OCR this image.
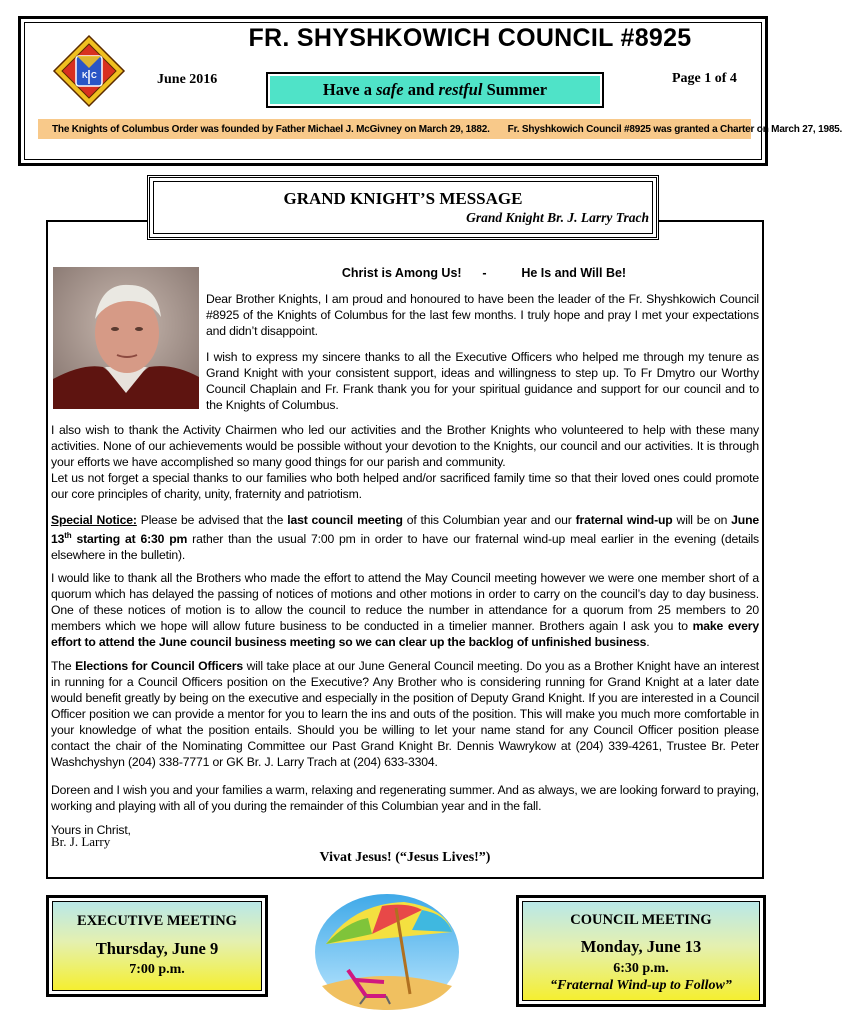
K C
FR. SHYSHKOWICH COUNCIL #8925
June 2016	Page 1 of 4
Have a
safe
and
restful
Summer
The Knights of Columbus Order was founded by Father Michael J. McGivney on March 29, 1882. Fr. Shyshkowich Council #8925 was granted a Charter on March 27, 1985.
GRAND KNIGHT’S MESSAGE
Grand Knight Br. J. Larry Trach
Christ is Among Us! -	He Is and Will Be!
Dear Brother Knights, I am proud and honoured to have been the leader of the Fr. Shyshkowich Council #8925 of the Knights of Columbus for the last few months. I truly hope and pray I met your expectations and didn’t disappoint.
I wish to express my sincere thanks to all the Executive Officers who helped me through my tenure as Grand Knight with your consistent support, ideas and willingness to step up. To Fr Dmytro our Worthy Council Chaplain and Fr. Frank thank you for your spiritual guidance and support for our council and to the Knights of Columbus.
I also wish to thank the Activity Chairmen who led our activities and the Brother Knights who volunteered to help with these many activities. None of our achievements would be possible without your devotion to the Knights, our council and our activities. It is through your efforts we have accomplished so many good things for our parish and community.
Let us not forget a special thanks to our families who both helped and/or sacrificed family time so that their loved ones could promote our core principles of charity, unity, fraternity and patriotism.
Special Notice: Please be advised that the last council meeting of this Columbian year and our fraternal wind-up will be on June 13th starting at 6:30 pm rather than the usual 7:00 pm in order to have our fraternal wind-up meal earlier in the evening (details elsewhere in the bulletin).
I would like to thank all the Brothers who made the effort to attend the May Council meeting however we were one member short of a quorum which has delayed the passing of notices of motions and other motions in order to carry on the council’s day to day business. One of these notices of motion is to allow the council to reduce the number in attendance for a quorum from 25 members to 20 members which we hope will allow future business to be conducted in a timelier manner. Brothers again I ask you to make every effort to attend the June council business meeting so we can clear up the backlog of unfinished business.
The Elections for Council Officers will take place at our June General Council meeting. Do you as a Brother Knight have an interest in running for a Council Officers position on the Executive? Any Brother who is considering running for Grand Knight at a later date would benefit greatly by being on the executive and especially in the position of Deputy Grand Knight. If you are interested in a Council Officer position we can provide a mentor for you to learn the ins and outs of the position. This will make you much more comfortable in your knowledge of what the position entails. Should you be willing to let your name stand for any Council Officer position please contact the chair of the Nominating Committee our Past Grand Knight Br. Dennis Wawrykow at (204) 339-4261, Trustee Br. Peter Washchyshyn (204) 338-7771 or GK Br. J. Larry Trach at (204) 633-3304.
Doreen and I wish you and your families a warm, relaxing and regenerating summer. And as always, we are looking forward to praying, working and playing with all of you during the remainder of this Columbian year and in the fall.
Yours in Christ,
Br. J. Larry
Vivat Jesus! (“Jesus Lives!”)
EXECUTIVE MEETING
Thursday, June 9
7:00 p.m.
COUNCIL MEETING
Monday, June 13
6:30 p.m.
“Fraternal Wind-up to Follow”
